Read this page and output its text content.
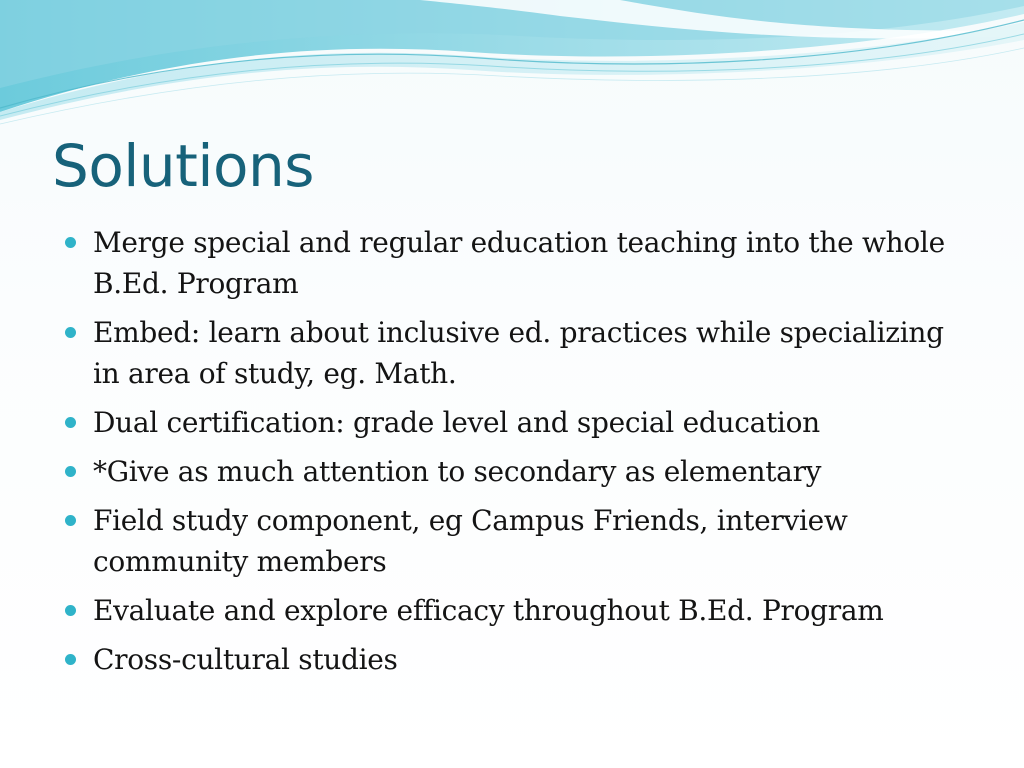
Solutions
Merge special and regular education teaching into the whole B.Ed. Program
Embed: learn about inclusive ed. practices while specializing in area of study, eg. Math.
Dual certification: grade level and special education
*Give as much attention to secondary as elementary
Field study component, eg Campus Friends, interview community members
Evaluate and explore efficacy throughout B.Ed. Program
Cross-cultural studies
